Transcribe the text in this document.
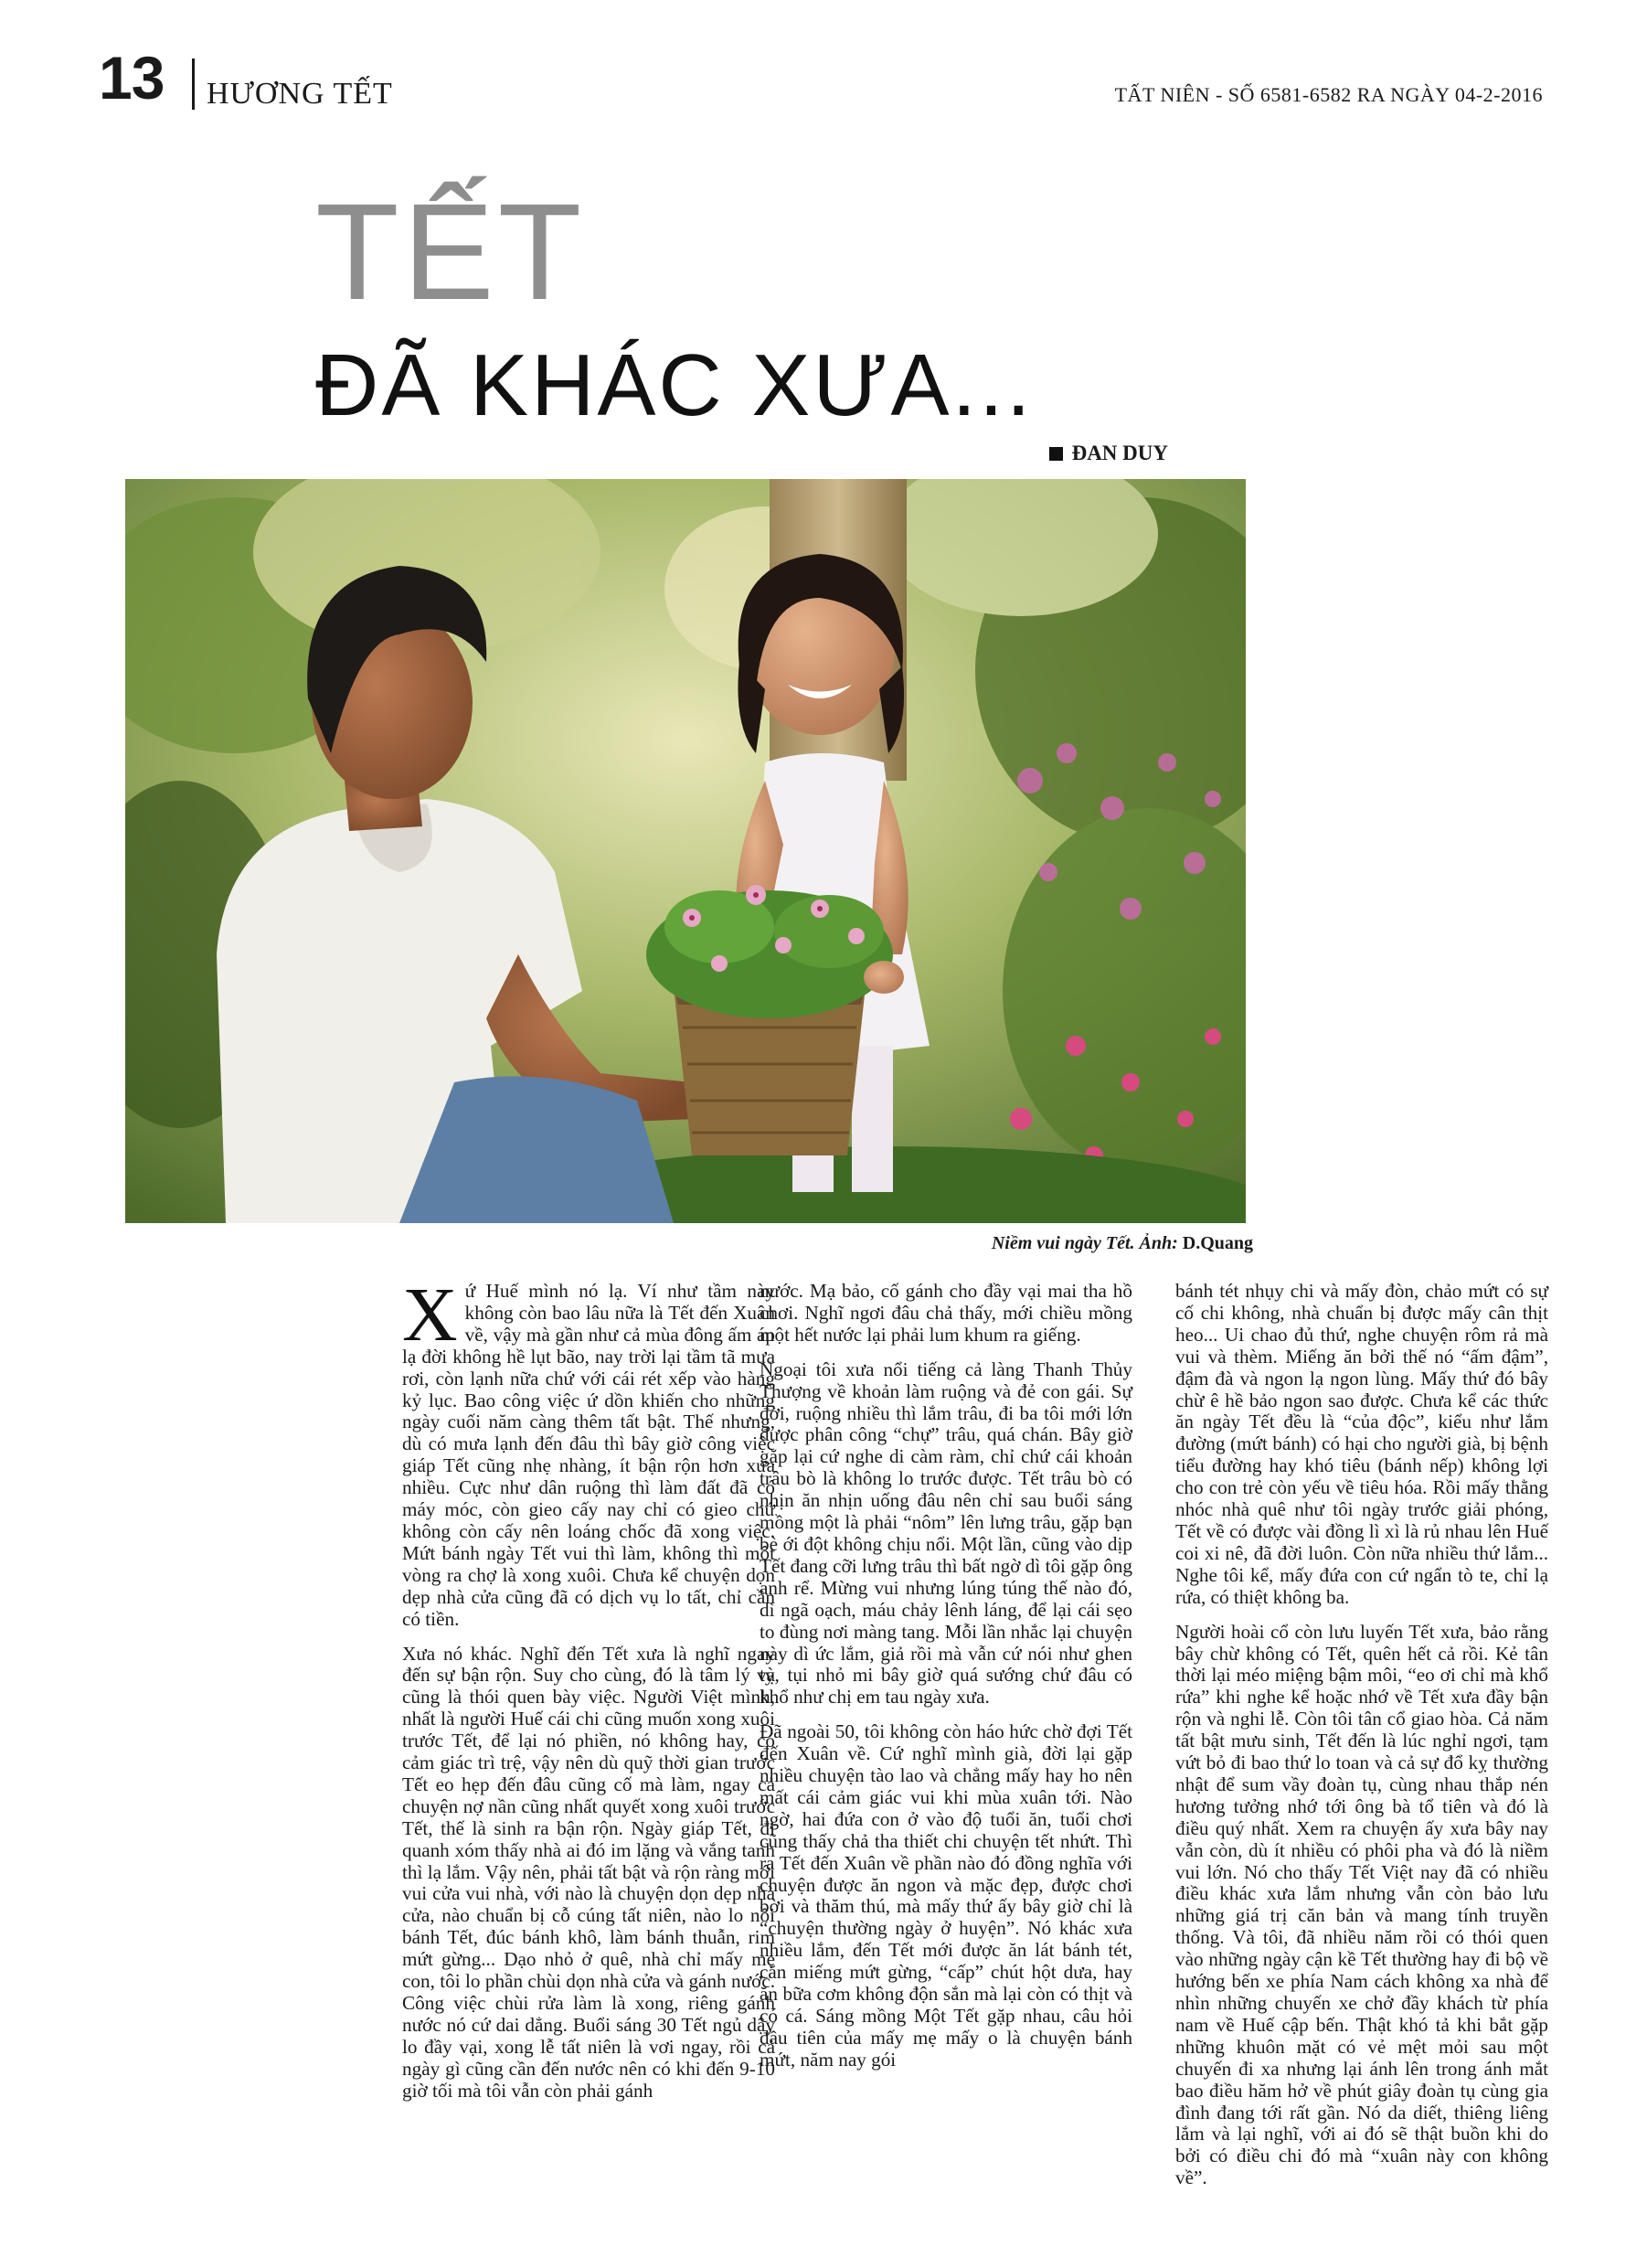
13 HƯƠNG TẾT	TẤT NIÊN - SỐ 6581-6582 RA NGÀY 04-2-2016
TẾT
ĐÃ KHÁC XƯA...
ĐAN DUY
Niềm vui ngày Tết. Ảnh: D.Quang

Xứ Huế mình nó lạ. Ví như tầm này không còn bao lâu nữa là Tết đến Xuân về, vậy mà gần như cả mùa đông ấm áp lạ đời không hề lụt bão, nay trời lại tầm tã mưa rơi, còn lạnh nữa chứ với cái rét xếp vào hàng kỷ lục. Bao công việc ứ dồn khiến cho những ngày cuối năm càng thêm tất bật. Thế nhưng, dù có mưa lạnh đến đâu thì bây giờ công việc giáp Tết cũng nhẹ nhàng, ít bận rộn hơn xưa nhiều. Cực như dân ruộng thì làm đất đã có máy móc, còn gieo cấy nay chỉ có gieo chứ không còn cấy nên loáng chốc đã xong việc. Mứt bánh ngày Tết vui thì làm, không thì một vòng ra chợ là xong xuôi. Chưa kể chuyện dọn dẹp nhà cửa cũng đã có dịch vụ lo tất, chỉ cần có tiền.

Xưa nó khác. Nghĩ đến Tết xưa là nghĩ ngay đến sự bận rộn. Suy cho cùng, đó là tâm lý và cũng là thói quen bày việc. Người Việt mình, nhất là người Huế cái chi cũng muốn xong xuôi trước Tết, để lại nó phiền, nó không hay, có cảm giác trì trệ, vậy nên dù quỹ thời gian trước Tết eo hẹp đến đâu cũng cố mà làm, ngay cả chuyện nợ nần cũng nhất quyết xong xuôi trước Tết, thế là sinh ra bận rộn. Ngày giáp Tết, đi quanh xóm thấy nhà ai đó im lặng và vắng tanh thì lạ lắm. Vậy nên, phải tất bật và rộn ràng mới vui cửa vui nhà, với nào là chuyện dọn dẹp nhà cửa, nào chuẩn bị cỗ cúng tất niên, nào lo nồi bánh Tết, đúc bánh khô, làm bánh thuẫn, rim mứt gừng... Dạo nhỏ ở quê, nhà chỉ mấy mẹ con, tôi lo phần chùi dọn nhà cửa và gánh nước. Công việc chùi rửa làm là xong, riêng gánh nước nó cứ dai dẳng. Buổi sáng 30 Tết ngủ dậy lo đầy vại, xong lễ tất niên là vơi ngay, rồi cả ngày gì cũng cần đến nước nên có khi đến 9-10 giờ tối mà tôi vẫn còn phải gánh

nước. Mạ bảo, cố gánh cho đầy vại mai tha hồ chơi. Nghĩ ngơi đâu chả thấy, mới chiều mồng một hết nước lại phải lum khum ra giếng.

Ngoại tôi xưa nổi tiếng cả làng Thanh Thủy Thượng về khoản làm ruộng và đẻ con gái. Sự đời, ruộng nhiều thì lắm trâu, đi ba tôi mới lớn được phân công “chự” trâu, quá chán. Bây giờ gặp lại cứ nghe di càm ràm, chỉ chứ cái khoản trâu bò là không lo trước được. Tết trâu bò có nhịn ăn nhịn uống đâu nên chỉ sau buổi sáng mồng một là phải “nôm” lên lưng trâu, gặp bạn bè ới đột không chịu nổi. Một lần, cũng vào dịp Tết đang cỡi lưng trâu thì bất ngờ dì tôi gặp ông anh rể. Mừng vui nhưng lúng túng thế nào đó, dì ngã oạch, máu chảy lênh láng, để lại cái sẹo to đùng nơi màng tang. Mỗi lần nhắc lại chuyện này dì ức lắm, giả rồi mà vẫn cứ nói như ghen tỵ, tụi nhỏ mi bây giờ quá sướng chứ đâu có khổ như chị em tau ngày xưa.

Đã ngoài 50, tôi không còn háo hức chờ đợi Tết đến Xuân về. Cứ nghĩ mình già, đời lại gặp nhiều chuyện tào lao và chẳng mấy hay ho nên mất cái cảm giác vui khi mùa xuân tới. Nào ngờ, hai đứa con ở vào độ tuổi ăn, tuổi chơi cũng thấy chả tha thiết chi chuyện tết nhứt. Thì ra Tết đến Xuân về phần nào đó đồng nghĩa với chuyện được ăn ngon và mặc đẹp, được chơi bời và thăm thú, mà mấy thứ ấy bây giờ chỉ là “chuyện thường ngày ở huyện”. Nó khác xưa nhiều lắm, đến Tết mới được ăn lát bánh tét, cắn miếng mứt gừng, “cấp” chút hột dưa, hay ăn bữa cơm không độn sắn mà lại còn có thịt và có cá. Sáng mồng Một Tết gặp nhau, câu hỏi đầu tiên của mấy mẹ mấy o là chuyện bánh mứt, năm nay gói

bánh tét nhụy chi và mấy đòn, chảo mứt có sự cố chi không, nhà chuẩn bị được mấy cân thịt heo... Ui chao đủ thứ, nghe chuyện rôm rả mà vui và thèm. Miếng ăn bởi thế nó “ấm đậm”, đậm đà và ngon lạ ngon lùng. Mấy thứ đó bây chừ ê hề bảo ngon sao được. Chưa kể các thức ăn ngày Tết đều là “của độc”, kiểu như lắm đường (mứt bánh) có hại cho người già, bị bệnh tiểu đường hay khó tiêu (bánh nếp) không lợi cho con trẻ còn yếu về tiêu hóa. Rồi mấy thằng nhóc nhà quê như tôi ngày trước giải phóng, Tết về có được vài đồng lì xì là rủ nhau lên Huế coi xi nê, đã đời luôn. Còn nữa nhiều thứ lắm... Nghe tôi kể, mấy đứa con cứ ngẩn tò te, chỉ lạ rứa, có thiệt không ba.

Người hoài cổ còn lưu luyến Tết xưa, bảo rằng bây chừ không có Tết, quên hết cả rồi. Kẻ tân thời lại méo miệng bậm môi, “eo ơi chỉ mà khổ rứa” khi nghe kể hoặc nhớ về Tết xưa đầy bận rộn và nghi lễ. Còn tôi tân cổ giao hòa. Cả năm tất bật mưu sinh, Tết đến là lúc nghỉ ngơi, tạm vứt bỏ đi bao thứ lo toan và cả sự đổ kỵ thường nhật để sum vầy đoàn tụ, cùng nhau thắp nén hương tưởng nhớ tới ông bà tổ tiên và đó là điều quý nhất. Xem ra chuyện ấy xưa bây nay vẫn còn, dù ít nhiều có phôi pha và đó là niềm vui lớn. Nó cho thấy Tết Việt nay đã có nhiều điều khác xưa lắm nhưng vẫn còn bảo lưu những giá trị căn bản và mang tính truyền thống. Và tôi, đã nhiều năm rồi có thói quen vào những ngày cận kề Tết thường hay đi bộ về hướng bến xe phía Nam cách không xa nhà để nhìn những chuyến xe chở đầy khách từ phía nam về Huế cập bến. Thật khó tả khi bắt gặp những khuôn mặt có vẻ mệt mỏi sau một chuyến đi xa nhưng lại ánh lên trong ánh mắt bao điều hăm hở về phút giây đoàn tụ cùng gia đình đang tới rất gần. Nó da diết, thiêng liêng lắm và lại nghĩ, với ai đó sẽ thật buồn khi do bởi có điều chi đó mà “xuân này con không về”.
